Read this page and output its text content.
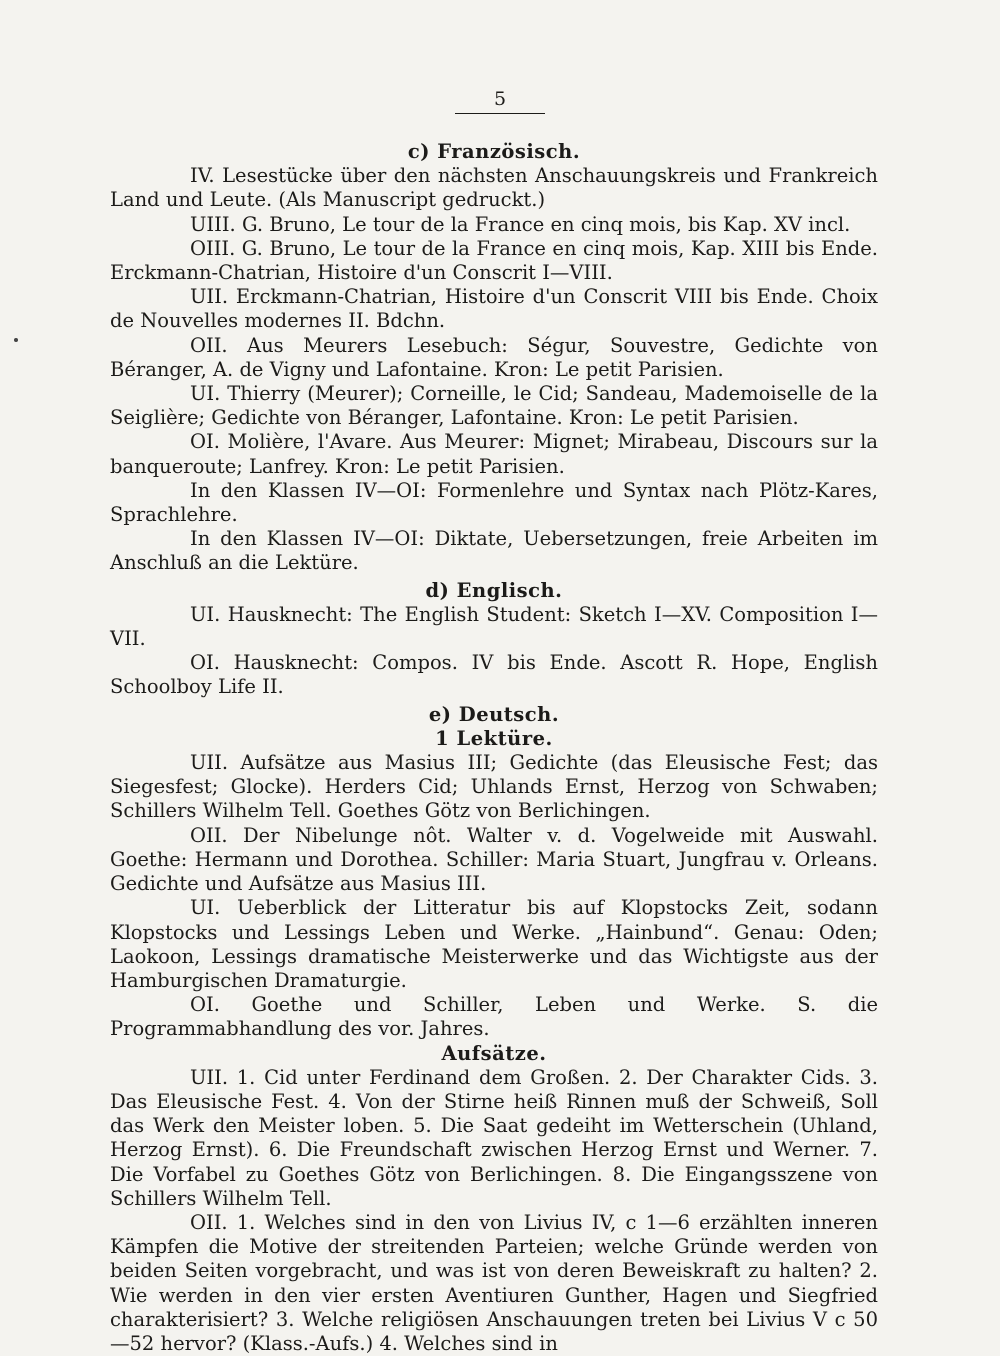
5
c) Französisch.

IV. Lesestücke über den nächsten Anschauungskreis und Frankreich Land und Leute. (Als Manuscript gedruckt.)

UIII. G. Bruno, Le tour de la France en cinq mois, bis Kap. XV incl.

OIII. G. Bruno, Le tour de la France en cinq mois, Kap. XIII bis Ende. Erckmann-Chatrian, Histoire d'un Conscrit I—VIII.

UII. Erckmann-Chatrian, Histoire d'un Conscrit VIII bis Ende. Choix de Nouvelles modernes II. Bdchn.

OII. Aus Meurers Lesebuch: Ségur, Souvestre, Gedichte von Béranger, A. de Vigny und Lafontaine. Kron: Le petit Parisien.

UI. Thierry (Meurer); Corneille, le Cid; Sandeau, Mademoiselle de la Seiglière; Gedichte von Béranger, Lafontaine. Kron: Le petit Parisien.

OI. Molière, l'Avare. Aus Meurer: Mignet; Mirabeau, Discours sur la banqueroute; Lanfrey. Kron: Le petit Parisien.

In den Klassen IV—OI: Formenlehre und Syntax nach Plötz-Kares, Sprachlehre.

In den Klassen IV—OI: Diktate, Uebersetzungen, freie Arbeiten im Anschluß an die Lektüre.

d) Englisch.

UI. Hausknecht: The English Student: Sketch I—XV. Composition I—VII.

OI. Hausknecht: Compos. IV bis Ende. Ascott R. Hope, English Schoolboy Life II.

e) Deutsch.
1 Lektüre.

UII. Aufsätze aus Masius III; Gedichte (das Eleusische Fest; das Siegesfest; Glocke). Herders Cid; Uhlands Ernst, Herzog von Schwaben; Schillers Wilhelm Tell. Goethes Götz von Berlichingen.

OII. Der Nibelunge nôt. Walter v. d. Vogelweide mit Auswahl. Goethe: Hermann und Dorothea. Schiller: Maria Stuart, Jungfrau v. Orleans. Gedichte und Aufsätze aus Masius III.

UI. Ueberblick der Litteratur bis auf Klopstocks Zeit, sodann Klopstocks und Lessings Leben und Werke. „Hainbund“. Genau: Oden; Laokoon, Lessings dramatische Meisterwerke und das Wichtigste aus der Hamburgischen Dramaturgie.

OI. Goethe und Schiller, Leben und Werke. S. die Programmabhandlung des vor. Jahres.

Aufsätze.

UII. 1. Cid unter Ferdinand dem Großen. 2. Der Charakter Cids. 3. Das Eleusische Fest. 4. Von der Stirne heiß Rinnen muß der Schweiß, Soll das Werk den Meister loben. 5. Die Saat gedeiht im Wetterschein (Uhland, Herzog Ernst). 6. Die Freundschaft zwischen Herzog Ernst und Werner. 7. Die Vorfabel zu Goethes Götz von Berlichingen. 8. Die Eingangsszene von Schillers Wilhelm Tell.

OII. 1. Welches sind in den von Livius IV, c 1—6 erzählten inneren Kämpfen die Motive der streitenden Parteien; welche Gründe werden von beiden Seiten vorgebracht, und was ist von deren Beweiskraft zu halten? 2. Wie werden in den vier ersten Aventiuren Gunther, Hagen und Siegfried charakterisiert? 3. Welche religiösen Anschauungen treten bei Livius V c 50—52 hervor? (Klass.-Aufs.) 4. Welches sind in
